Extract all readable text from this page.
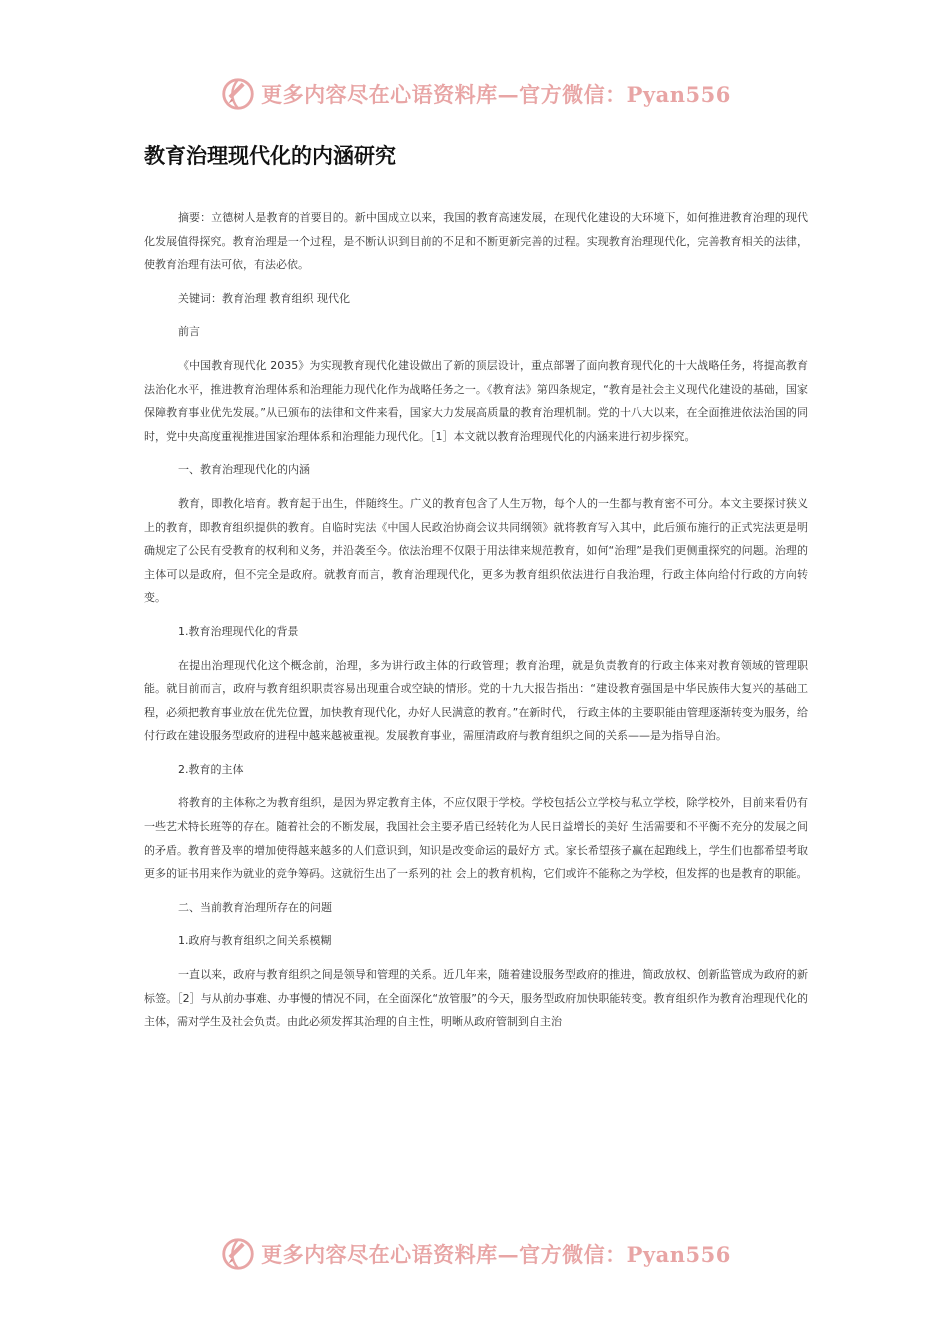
更多内容尽在心语资料库—官方微信：Pyan556
教育治理现代化的内涵研究

摘要：立德树人是教育的首要目的。新中国成立以来，我国的教育高速发展，在现代化建设的大环境下，如何推进教育治理的现代化发展值得探究。教育治理是一个过程，是不断认识到目前的不足和不断更新完善的过程。实现教育治理现代化，完善教育相关的法律，使教育治理有法可依，有法必依。

关键词：教育治理 教育组织 现代化

前言

《中国教育现代化 2035》为实现教育现代化建设做出了新的顶层设计，重点部署了面向教育现代化的十大战略任务，将提高教育法治化水平，推进教育治理体系和治理能力现代化作为战略任务之一。《教育法》第四条规定，“教育是社会主义现代化建设的基础，国家保障教育事业优先发展。”从已颁布的法律和文件来看，国家大力发展高质量的教育治理机制。党的十八大以来，在全面推进依法治国的同时，党中央高度重视推进国家治理体系和治理能力现代化。［1］本文就以教育治理现代化的内涵来进行初步探究。

一、教育治理现代化的内涵

教育，即教化培育。教育起于出生，伴随终生。广义的教育包含了人生万物，每个人的一生都与教育密不可分。本文主要探讨狭义上的教育，即教育组织提供的教育。自临时宪法《中国人民政治协商会议共同纲领》就将教育写入其中，此后颁布施行的正式宪法更是明确规定了公民有受教育的权利和义务，并沿袭至今。依法治理不仅限于用法律来规范教育，如何“治理”是我们更侧重探究的问题。治理的主体可以是政府，但不完全是政府。就教育而言，教育治理现代化，更多为教育组织依法进行自我治理，行政主体向给付行政的方向转变。

1.教育治理现代化的背景

在提出治理现代化这个概念前，治理，多为讲行政主体的行政管理；教育治理，就是负责教育的行政主体来对教育领域的管理职能。就目前而言，政府与教育组织职责容易出现重合或空缺的情形。党的十九大报告指出：“建设教育强国是中华民族伟大复兴的基础工程，必须把教育事业放在优先位置，加快教育现代化，办好人民满意的教育。”在新时代， 行政主体的主要职能由管理逐渐转变为服务，给付行政在建设服务型政府的进程中越来越被重视。发展教育事业，需厘清政府与教育组织之间的关系——是为指导自治。

2.教育的主体

将教育的主体称之为教育组织，是因为界定教育主体，不应仅限于学校。学校包括公立学校与私立学校，除学校外，目前来看仍有一些艺术特长班等的存在。随着社会的不断发展，我国社会主要矛盾已经转化为人民日益增长的美好 生活需要和不平衡不充分的发展之间的矛盾。教育普及率的增加使得越来越多的人们意识到，知识是改变命运的最好方 式。家长希望孩子赢在起跑线上，学生们也都希望考取更多的证书用来作为就业的竞争筹码。这就衍生出了一系列的社 会上的教育机构，它们或许不能称之为学校，但发挥的也是教育的职能。

二、当前教育治理所存在的问题

1.政府与教育组织之间关系模糊

一直以来，政府与教育组织之间是领导和管理的关系。近几年来，随着建设服务型政府的推进，简政放权、创新监管成为政府的新标签。［2］与从前办事难、办事慢的情况不同，在全面深化“放管服”的今天，服务型政府加快职能转变。教育组织作为教育治理现代化的主体，需对学生及社会负责。由此必须发挥其治理的自主性，明晰从政府管制到自主治

更多内容尽在心语资料库—官方微信：Pyan556
